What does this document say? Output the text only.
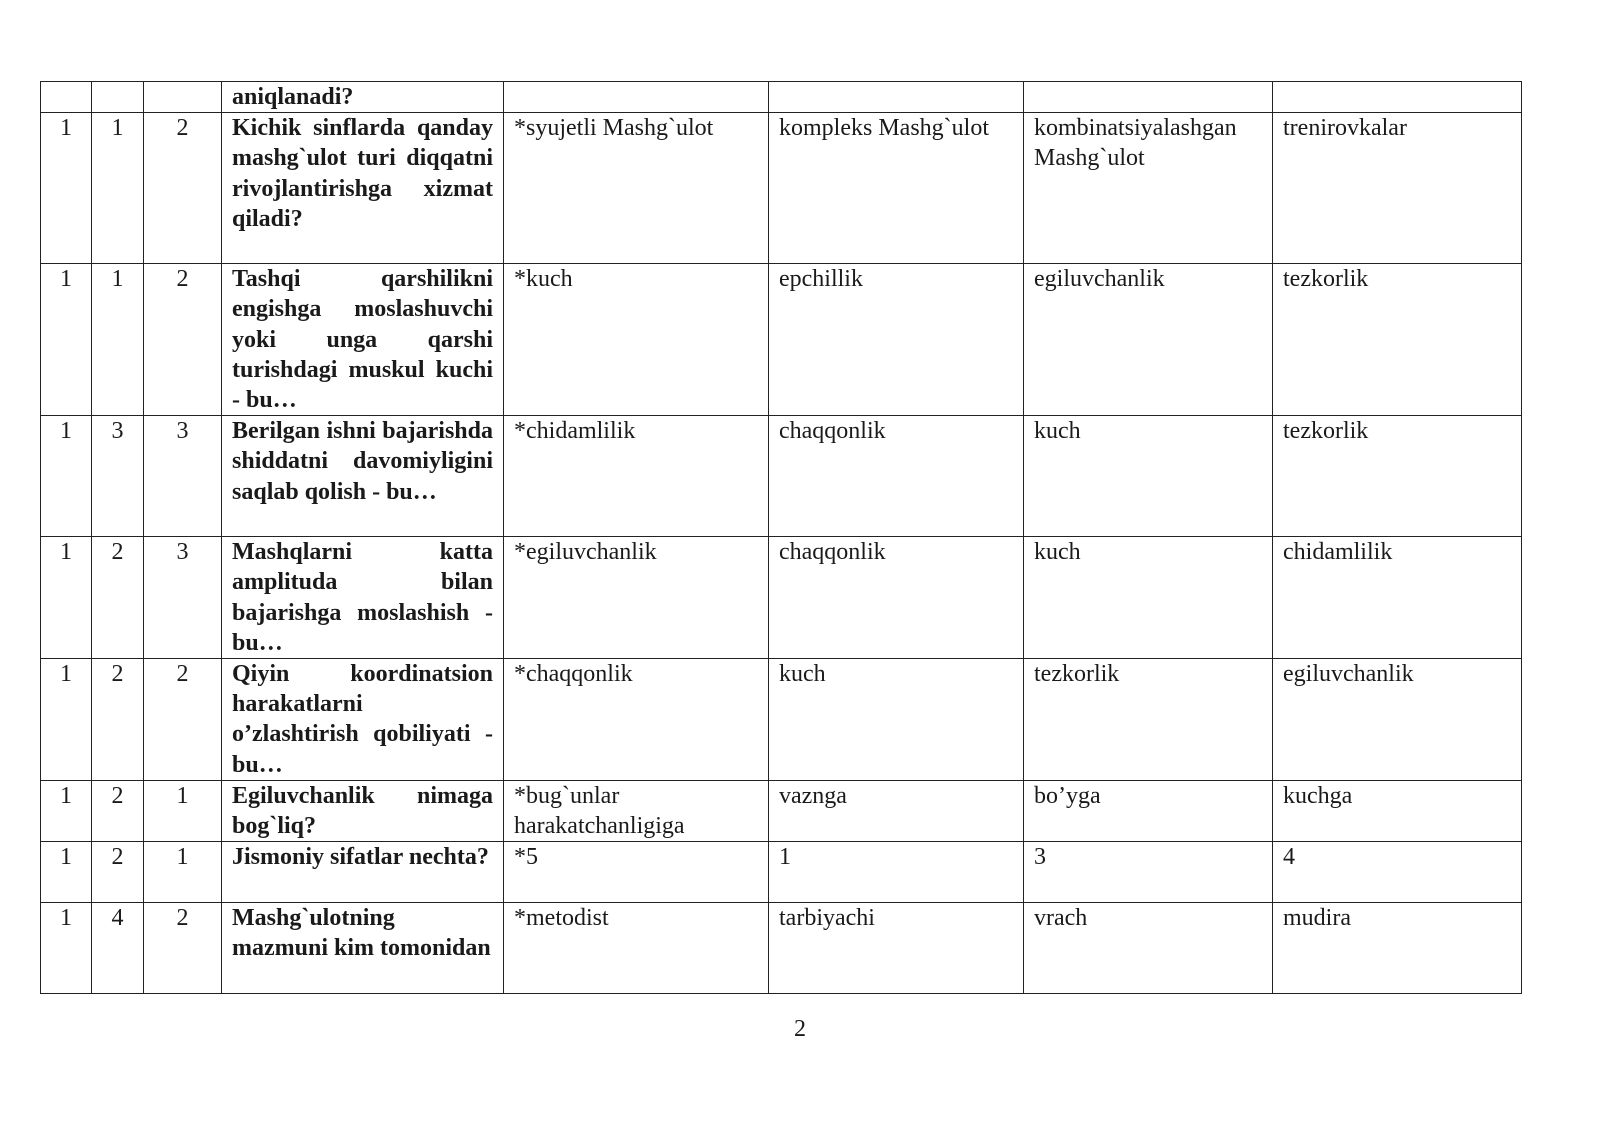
			aniqlanadi?				
1	1	2	Kichik sinflarda qanday mashg`ulot turi diqqatni rivojlantirishga xizmat qiladi?	*syujetli Mashg`ulot	kompleks Mashg`ulot	kombinatsiyalashgan Mashg`ulot	trenirovkalar
1	1	2	Tashqi qarshilikni engishga moslashuvchi yoki unga qarshi turishdagi muskul kuchi - bu…	*kuch	epchillik	egiluvchanlik	tezkorlik
1	3	3	Berilgan ishni bajarishda shiddatni davomiyligini saqlab qolish - bu…	*chidamlilik	chaqqonlik	kuch	tezkorlik
1	2	3	Mashqlarni katta amplituda bilan bajarishga moslashish - bu…	*egiluvchanlik	chaqqonlik	kuch	chidamlilik
1	2	2	Qiyin koordinatsion harakatlarni o’zlashtirish qobiliyati - bu…	*chaqqonlik	kuch	tezkorlik	egiluvchanlik
1	2	1	Egiluvchanlik nimaga bog`liq?	*bug`unlar harakatchanligiga	vaznga	bo’yga	kuchga
1	2	1	Jismoniy sifatlar nechta?	*5	1	3	4
1	4	2	Mashg`ulotning mazmuni kim tomonidan	*metodist	tarbiyachi	vrach	mudira
2
